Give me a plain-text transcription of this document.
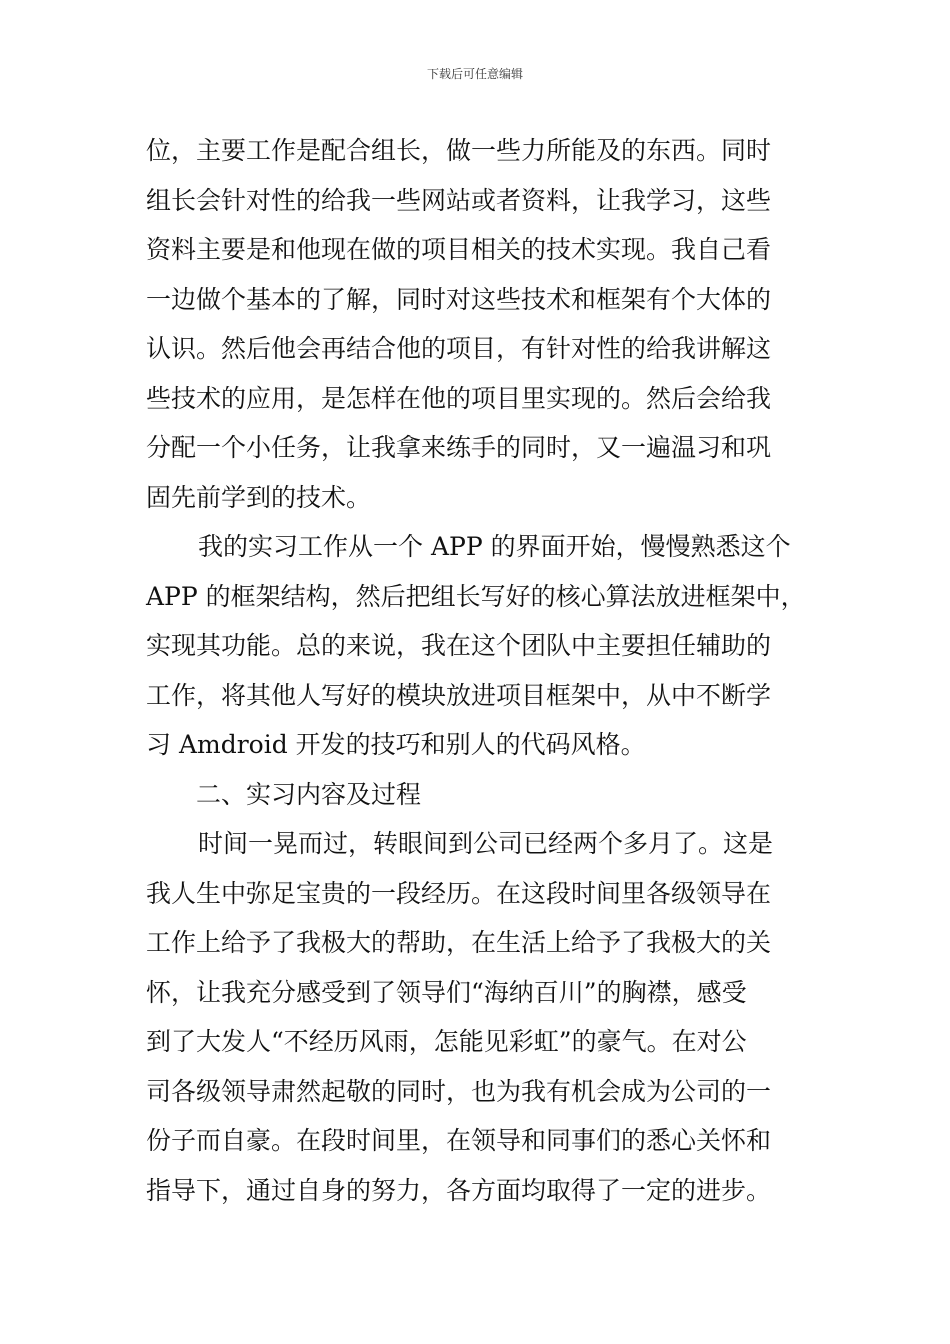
下载后可任意编辑
位，主要工作是配合组长，做一些力所能及的东西。同时
组长会针对性的给我一些网站或者资料，让我学习，这些
资料主要是和他现在做的项目相关的技术实现。我自己看
一边做个基本的了解，同时对这些技术和框架有个大体的
认识。然后他会再结合他的项目，有针对性的给我讲解这
些技术的应用，是怎样在他的项目里实现的。然后会给我
分配一个小任务，让我拿来练手的同时，又一遍温习和巩
固先前学到的技术。
我的实习工作从一个 APP 的界面开始，慢慢熟悉这个
APP 的框架结构，然后把组长写好的核心算法放进框架中，
实现其功能。总的来说，我在这个团队中主要担任辅助的
工作，将其他人写好的模块放进项目框架中，从中不断学
习 Amdroid 开发的技巧和别人的代码风格。
二、实习内容及过程
时间一晃而过，转眼间到公司已经两个多月了。这是
我人生中弥足宝贵的一段经历。在这段时间里各级领导在
工作上给予了我极大的帮助，在生活上给予了我极大的关
怀，让我充分感受到了领导们“海纳百川”的胸襟，感受
到了大发人“不经历风雨，怎能见彩虹”的豪气。在对公
司各级领导肃然起敬的同时，也为我有机会成为公司的一
份子而自豪。在段时间里，在领导和同事们的悉心关怀和
指导下，通过自身的努力，各方面均取得了一定的进步。
